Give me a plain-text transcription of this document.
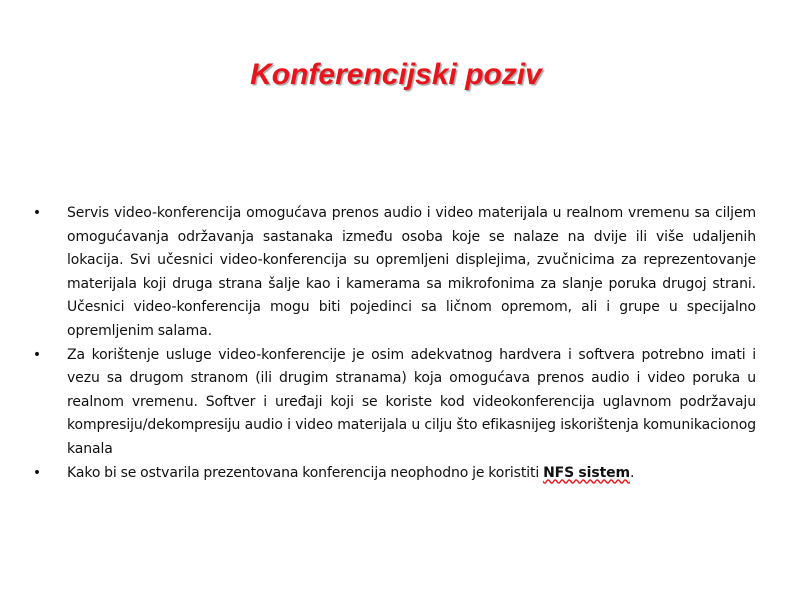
Konferencijski poziv
• Servis video-konferencija omogućava prenos audio i video materijala u realnom vremenu sa ciljem omogućavanja održavanja sastanaka između osoba koje se nalaze na dvije ili više udaljenih lokacija. Svi učesnici video-konferencija su opremljeni displejima, zvučnicima za reprezentovanje materijala koji druga strana šalje kao i kamerama sa mikrofonima za slanje poruka drugoj strani. Učesnici video-konferencija mogu biti pojedinci sa ličnom opremom, ali i grupe u specijalno opremljenim salama.
• Za korištenje usluge video-konferencije je osim adekvatnog hardvera i softvera potrebno imati i vezu sa drugom stranom (ili drugim stranama) koja omogućava prenos audio i video poruka u realnom vremenu. Softver i uređaji koji se koriste kod videokonferencija uglavnom podržavaju kompresiju/dekompresiju audio i video materijala u cilju što efikasnijeg iskorištenja komunikacionog kanala
• Kako bi se ostvarila prezentovana konferencija neophodno je koristiti NFS sistem.
